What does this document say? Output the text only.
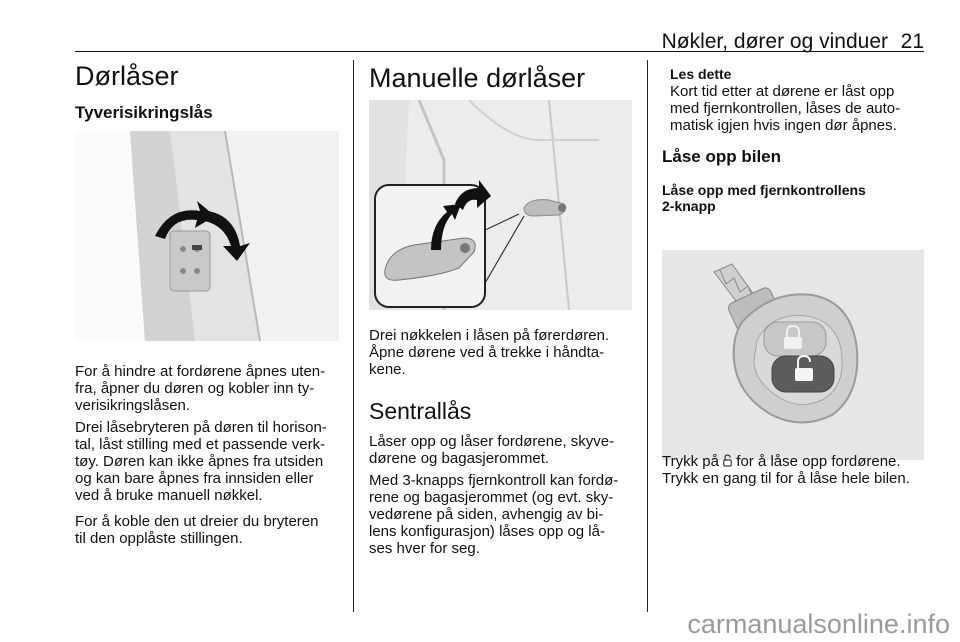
Nøkler, dører og vinduer 21
Dørlåser
Tyverisikringslås

For å hindre at fordørene åpnes uten-
fra, åpner du døren og kobler inn ty-
verisikringslåsen.

Drei låsebryteren på døren til horison-
tal, låst stilling med et passende verk-
tøy. Døren kan ikke åpnes fra utsiden
og kan bare åpnes fra innsiden eller
ved å bruke manuell nøkkel.

For å koble den ut dreier du bryteren
til den opplåste stillingen.

Manuelle dørlåser

Drei nøkkelen i låsen på førerdøren.
Åpne dørene ved å trekke i håndta-
kene.

Sentrallås

Låser opp og låser fordørene, skyve-
dørene og bagasjerommet.

Med 3-knapps fjernkontroll kan fordø-
rene og bagasjerommet (og evt. sky-
vedørene på siden, avhengig av bi-
lens konfigurasjon) låses opp og lå-
ses hver for seg.

Les dette

Kort tid etter at dørene er låst opp
med fjernkontrollen, låses de auto-
matisk igjen hvis ingen dør åpnes.

Låse opp bilen
Låse opp med fjernkontrollens
2-knapp

Trykk på  for å låse opp fordørene.
Trykk en gang til for å låse hele bilen.

carmanualsonline.info
